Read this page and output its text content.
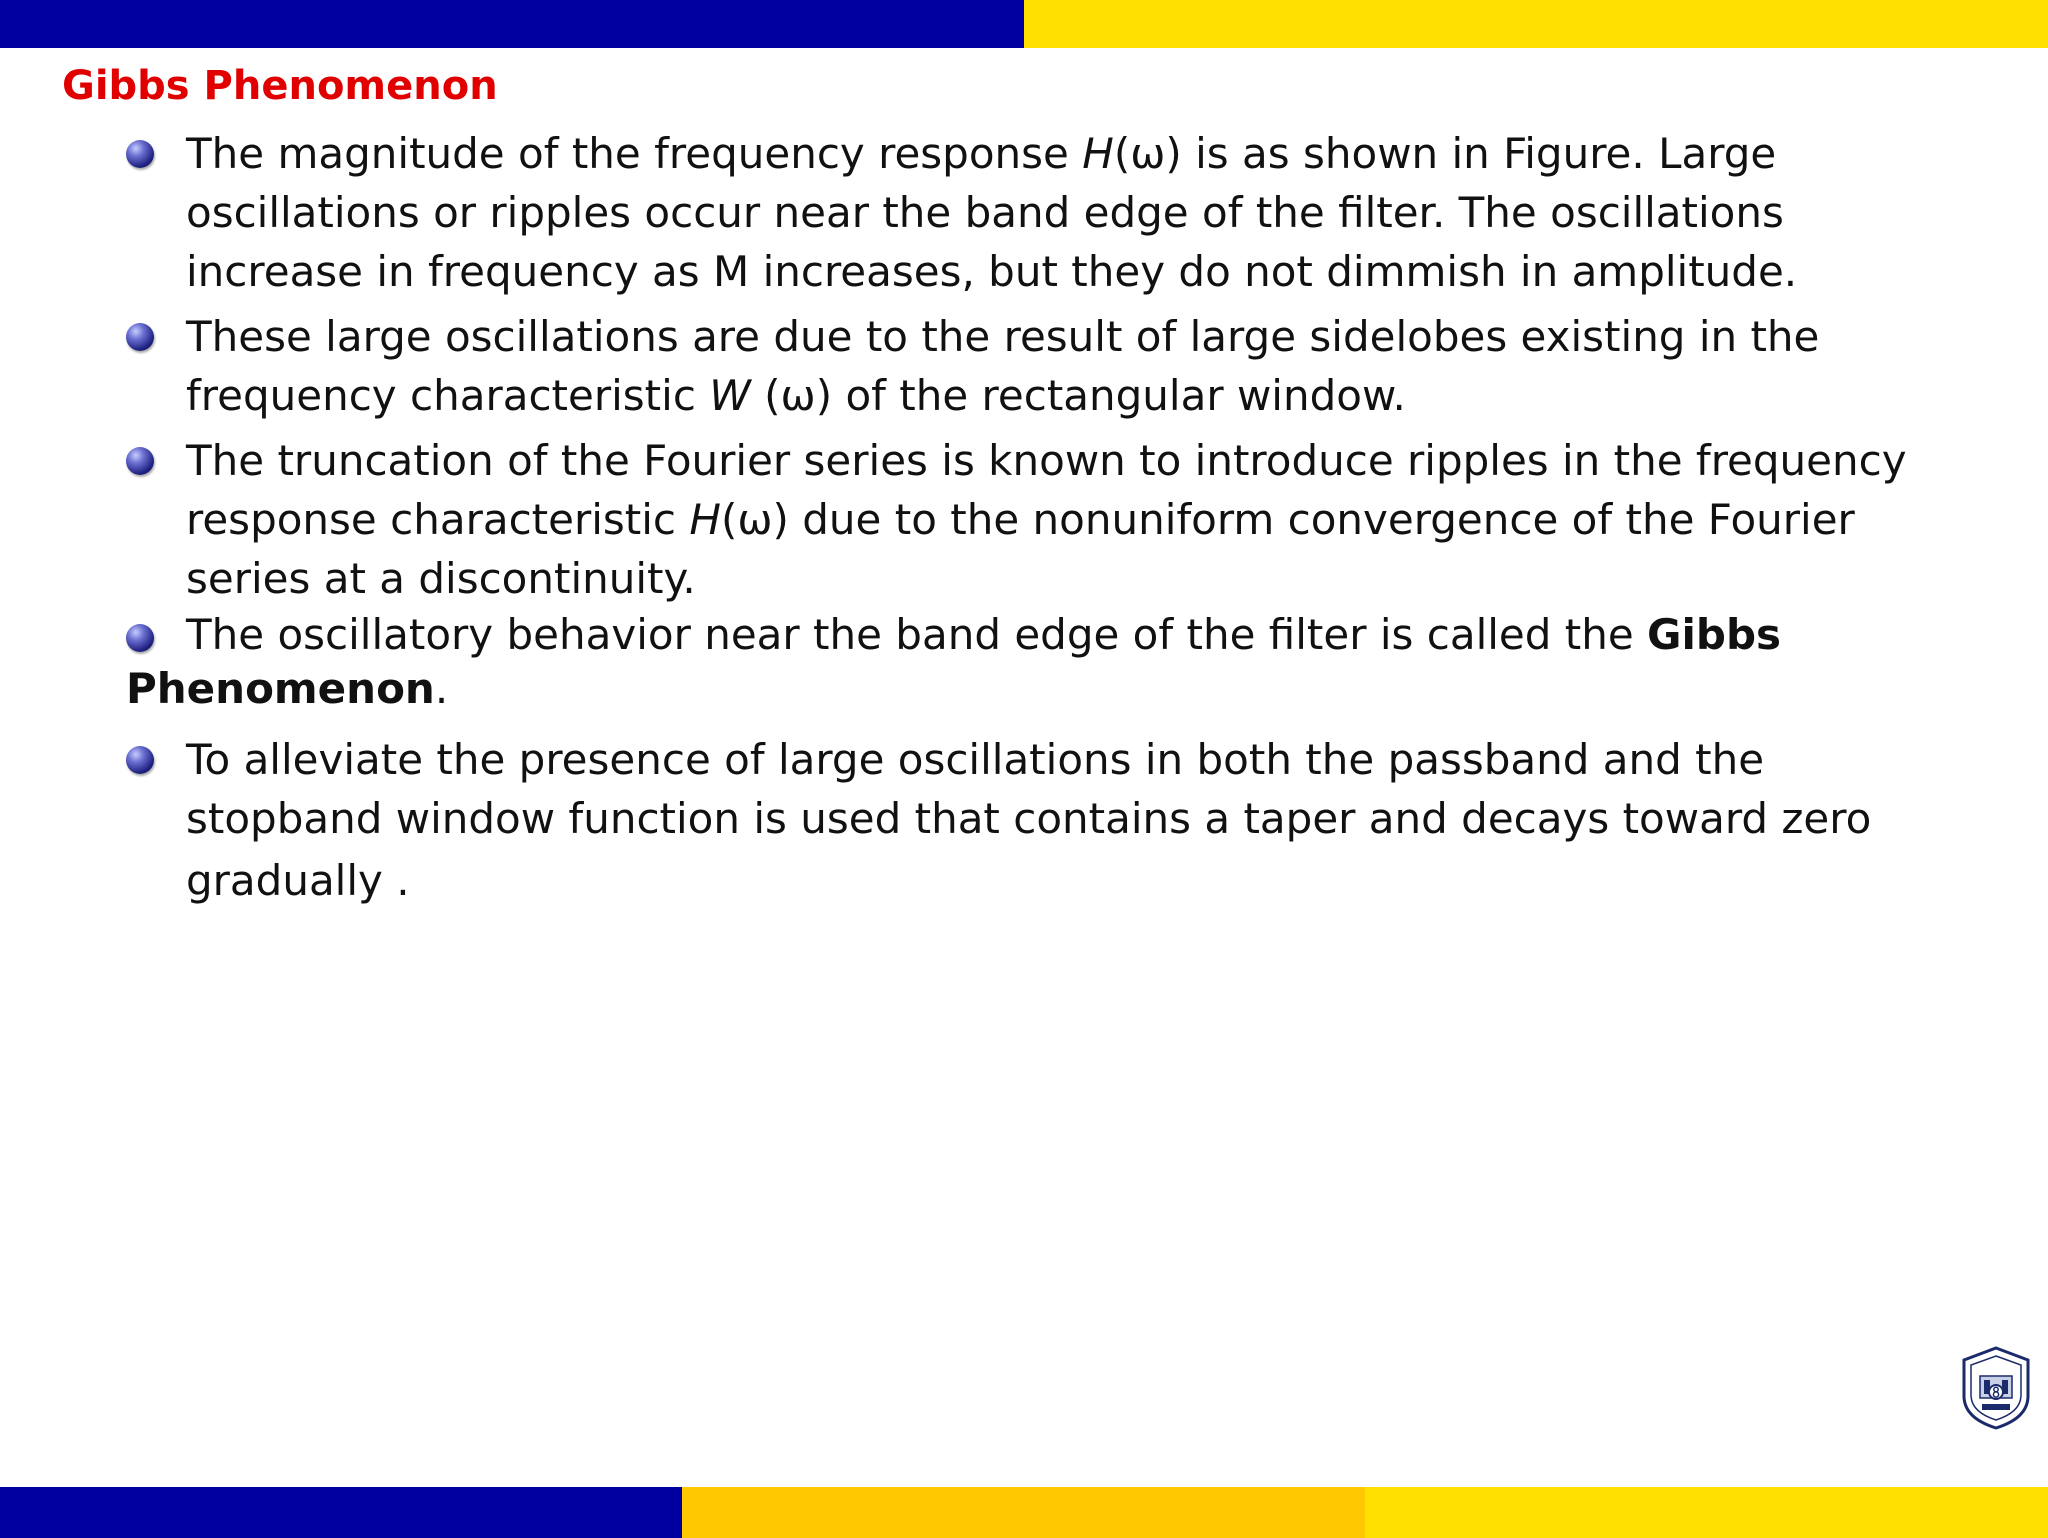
Gibbs Phenomenon
The magnitude of the frequency response H(ω) is as shown in Figure. Large
oscillations or ripples occur near the band edge of the filter. The oscillations
increase in frequency as M increases, but they do not dimmish in amplitude.
These large oscillations are due to the result of large sidelobes existing in the
frequency characteristic W (ω) of the rectangular window.
The truncation of the Fourier series is known to introduce ripples in the frequency
response characteristic H(ω) due to the nonuniform convergence of the Fourier
series at a discontinuity.
The oscillatory behavior near the band edge of the filter is called the Gibbs
Phenomenon.
To alleviate the presence of large oscillations in both the passband and the
stopband window function is used that contains a taper and decays toward zero
gradually .
